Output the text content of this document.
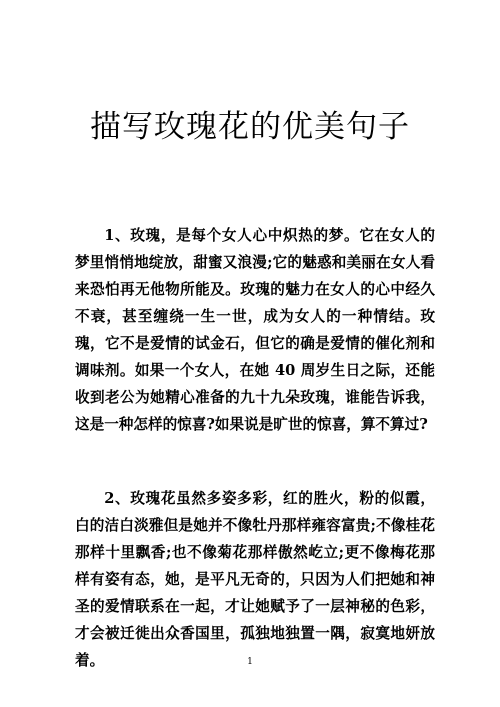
描写玫瑰花的优美句子

1、玫瑰，是每个女人心中炽热的梦。它在女人的梦里悄悄地绽放，甜蜜又浪漫;它的魅惑和美丽在女人看来恐怕再无他物所能及。玫瑰的魅力在女人的心中经久不衰，甚至缠绕一生一世，成为女人的一种情结。玫瑰，它不是爱情的试金石，但它的确是爱情的催化剂和调味剂。如果一个女人，在她 40 周岁生日之际，还能收到老公为她精心准备的九十九朵玫瑰，谁能告诉我，这是一种怎样的惊喜?如果说是旷世的惊喜，算不算过?

2、玫瑰花虽然多姿多彩，红的胜火，粉的似霞，白的洁白淡雅但是她并不像牡丹那样雍容富贵;不像桂花那样十里飘香;也不像菊花那样傲然屹立;更不像梅花那样有姿有态，她，是平凡无奇的，只因为人们把她和神圣的爱情联系在一起，才让她赋予了一层神秘的色彩，才会被迁徙出众香国里，孤独地独置一隅，寂寞地妍放着。	1
